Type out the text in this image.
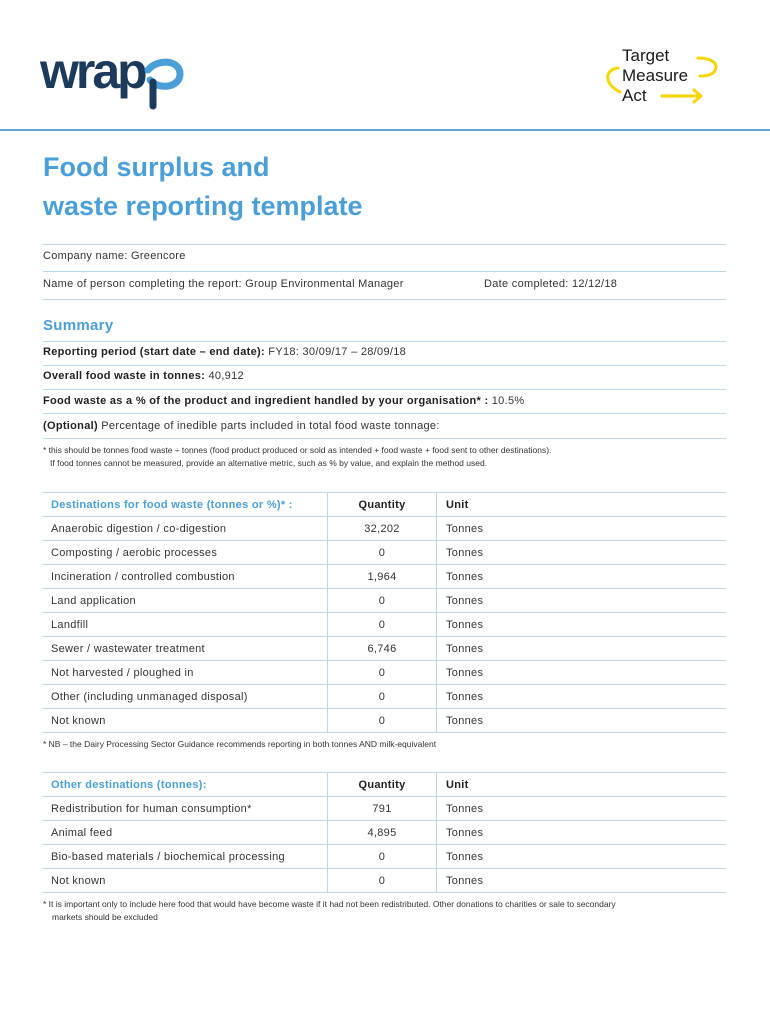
wrap	Target
Measure
Act
Food surplus and
waste reporting template
Company name: Greencore
Name of person completing the report: Group Environmental Manager	Date completed: 12/12/18
Summary
Reporting period (start date – end date): FY18: 30/09/17 – 28/09/18
Overall food waste in tonnes: 40,912
Food waste as a % of the product and ingredient handled by your organisation* : 10.5%
(Optional) Percentage of inedible parts included in total food waste tonnage:
* this should be tonnes food waste ÷ tonnes (food product produced or sold as intended + food waste + food sent to other destinations).
If food tonnes cannot be measured, provide an alternative metric, such as % by value, and explain the method used.
Destinations for food waste (tonnes or %)* :	Quantity	Unit
Anaerobic digestion / co-digestion	32,202	Tonnes
Composting / aerobic processes	0	Tonnes
Incineration / controlled combustion	1,964	Tonnes
Land application	0	Tonnes
Landfill	0	Tonnes
Sewer / wastewater treatment	6,746	Tonnes
Not harvested / ploughed in	0	Tonnes
Other (including unmanaged disposal)	0	Tonnes
Not known	0	Tonnes
* NB – the Dairy Processing Sector Guidance recommends reporting in both tonnes AND milk-equivalent
Other destinations (tonnes):	Quantity	Unit
Redistribution for human consumption*	791	Tonnes
Animal feed	4,895	Tonnes
Bio-based materials / biochemical processing	0	Tonnes
Not known	0	Tonnes
* It is important only to include here food that would have become waste if it had not been redistributed. Other donations to charities or sale to secondary
markets should be excluded
